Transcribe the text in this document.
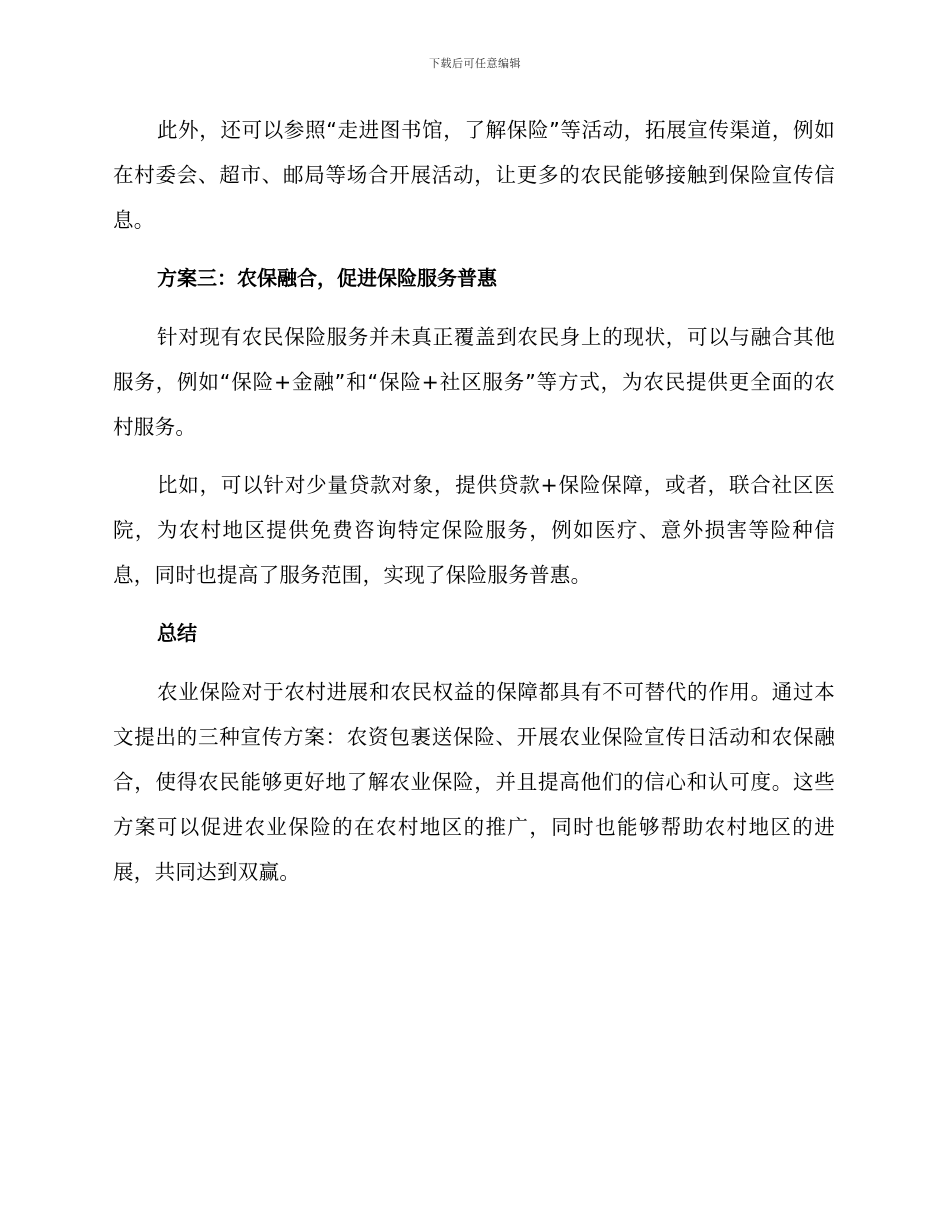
下载后可任意编辑

此外，还可以参照“走进图书馆，了解保险”等活动，拓展宣传渠道，例如在村委会、超市、邮局等场合开展活动，让更多的农民能够接触到保险宣传信息。

方案三：农保融合，促进保险服务普惠

针对现有农民保险服务并未真正覆盖到农民身上的现状，可以与融合其他服务，例如“保险+金融”和“保险+社区服务”等方式，为农民提供更全面的农村服务。

比如，可以针对少量贷款对象，提供贷款+保险保障，或者，联合社区医院，为农村地区提供免费咨询特定保险服务，例如医疗、意外损害等险种信息，同时也提高了服务范围，实现了保险服务普惠。

总结

农业保险对于农村进展和农民权益的保障都具有不可替代的作用。通过本文提出的三种宣传方案：农资包裹送保险、开展农业保险宣传日活动和农保融合，使得农民能够更好地了解农业保险，并且提高他们的信心和认可度。这些方案可以促进农业保险的在农村地区的推广，同时也能够帮助农村地区的进展，共同达到双赢。
